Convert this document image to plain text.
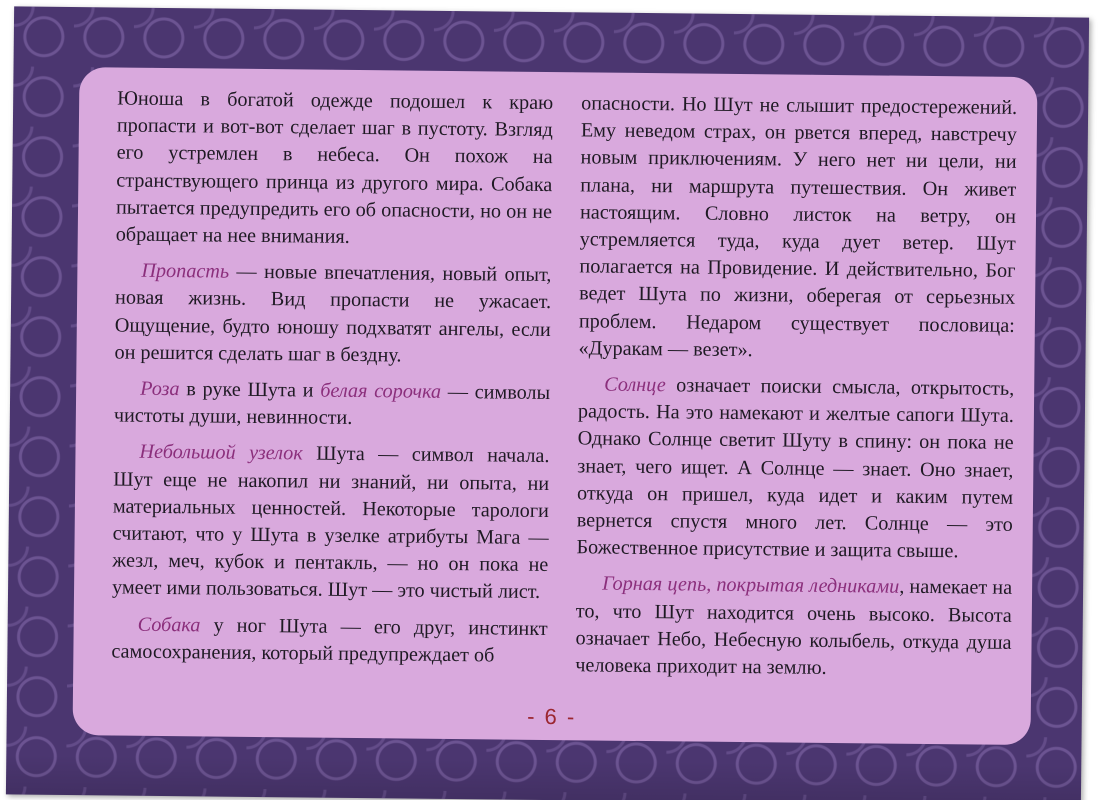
Юноша в богатой одежде подошел к краю пропасти и вот-вот сделает шаг в пустоту. Взгляд его устремлен в небеса. Он похож на странствующего принца из другого мира. Собака пытается предупредить его об опасности, но он не обращает на нее внимания.

Пропасть — новые впечатления, новый опыт, новая жизнь. Вид пропасти не ужасает. Ощущение, будто юношу подхватят ангелы, если он решится сделать шаг в бездну.

Роза в руке Шута и белая сорочка — символы чистоты души, невинности.

Небольшой узелок Шута — символ начала. Шут еще не накопил ни знаний, ни опыта, ни материальных ценностей. Некоторые тарологи считают, что у Шута в узелке атрибуты Мага — жезл, меч, кубок и пентакль, — но он пока не умеет ими пользоваться. Шут — это чистый лист.

Собака у ног Шута — его друг, инстинкт самосохранения, который предупреждает об

опасности. Но Шут не слышит предостережений. Ему неведом страх, он рвется вперед, навстречу новым приключениям. У него нет ни цели, ни плана, ни маршрута путешествия. Он живет настоящим. Словно листок на ветру, он устремляется туда, куда дует ветер. Шут полагается на Провидение. И действительно, Бог ведет Шута по жизни, оберегая от серьезных проблем. Недаром существует пословица: «Дуракам — везет».

Солнце означает поиски смысла, открытость, радость. На это намекают и желтые сапоги Шута. Однако Солнце светит Шуту в спину: он пока не знает, чего ищет. А Солнце — знает. Оно знает, откуда он пришел, куда идет и каким путем вернется спустя много лет. Солнце — это Божественное присутствие и защита свыше.

Горная цепь, покрытая ледниками, намекает на то, что Шут находится очень высоко. Высота означает Небо, Небесную колыбель, откуда душа человека приходит на землю.

- 6 -
